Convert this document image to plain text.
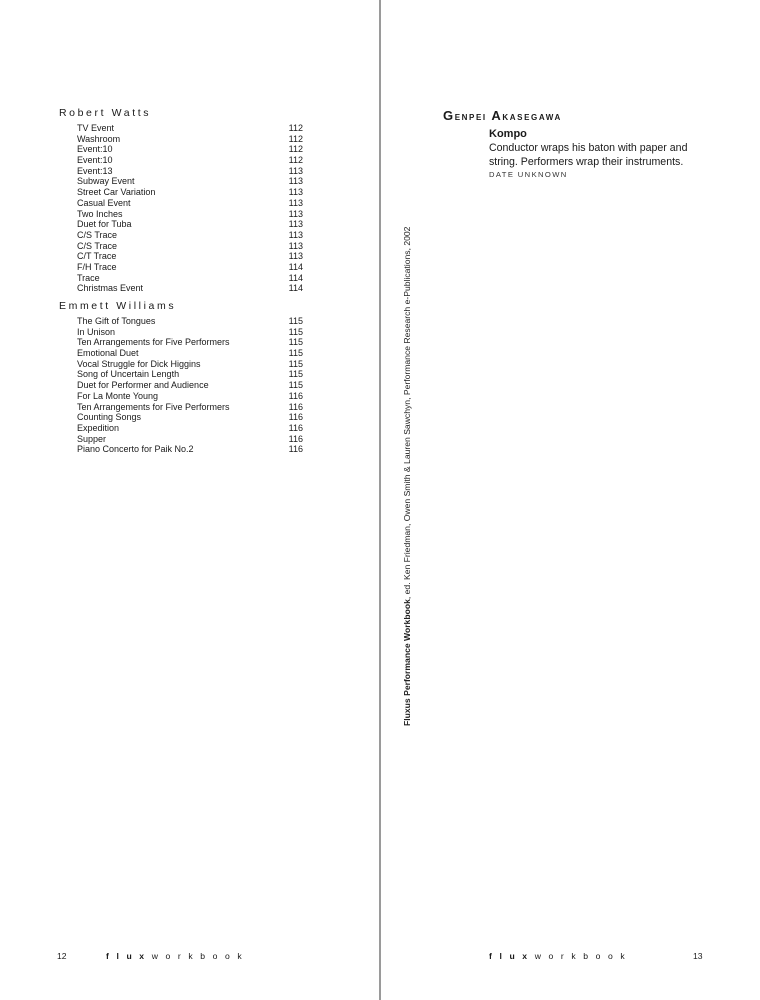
Robert Watts
TV Event	112
Washroom	112
Event:10	112
Event:10	112
Event:13	113
Subway Event	113
Street Car Variation	113
Casual Event	113
Two Inches	113
Duet for Tuba	113
C/S Trace	113
C/S Trace	113
C/T Trace	113
F/H Trace	114
Trace	114
Christmas Event	114
Emmett Williams
The Gift of Tongues	115
In Unison	115
Ten Arrangements for Five Performers	115
Emotional Duet	115
Vocal Struggle for Dick Higgins	115
Song of Uncertain Length	115
Duet for Performer and Audience	115
For La Monte Young	116
Ten Arrangements for Five Performers	116
Counting Songs	116
Expedition	116
Supper	116
Piano Concerto for Paik No.2	116
Fluxus Performance Workbook, ed. Ken Friedman, Owen Smith & Lauren Sawchyn, Performance Research e-Publications, 2002
Genpei Akasegawa

Kompo

Conductor wraps his baton with paper and string. Performers wrap their instruments.

DATE UNKNOWN
12	fluxworkbook	fluxworkbook	13
